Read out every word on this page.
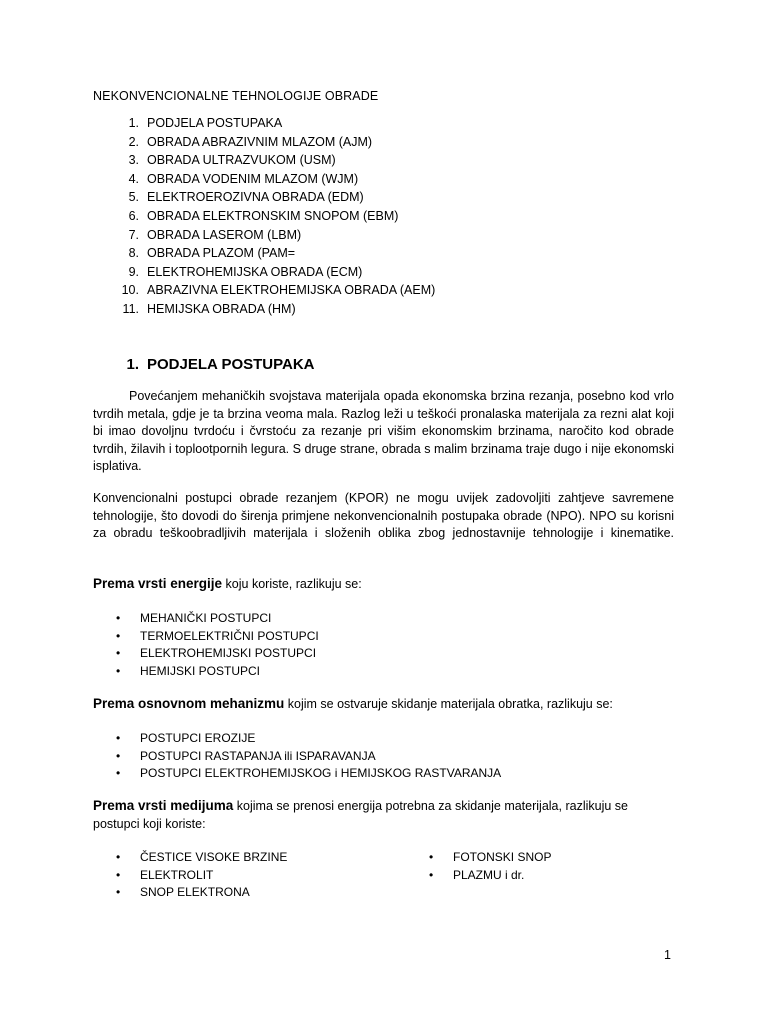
NEKONVENCIONALNE TEHNOLOGIJE OBRADE
1. PODJELA POSTUPAKA
2. OBRADA ABRAZIVNIM MLAZOM (AJM)
3. OBRADA ULTRAZVUKOM (USM)
4. OBRADA VODENIM MLAZOM (WJM)
5. ELEKTROEROZIVNA OBRADA (EDM)
6. OBRADA ELEKTRONSKIM SNOPOM (EBM)
7. OBRADA LASEROM (LBM)
8. OBRADA PLAZOM (PAM=
9. ELEKTROHEMIJSKA OBRADA (ECM)
10. ABRAZIVNA ELEKTROHEMIJSKA OBRADA (AEM)
11. HEMIJSKA OBRADA (HM)
1. PODJELA POSTUPAKA

Povećanjem mehaničkih svojstava materijala opada ekonomska brzina rezanja, posebno kod vrlo tvrdih metala, gdje je ta brzina veoma mala. Razlog leži u teškoći pronalaska materijala za rezni alat koji bi imao dovoljnu tvrdoću i čvrstoću za rezanje pri višim ekonomskim brzinama, naročito kod obrade tvrdih, žilavih i toplootpornih legura. S druge strane, obrada s malim brzinama traje dugo i nije ekonomski isplativa.

Konvencionalni postupci obrade rezanjem (KPOR) ne mogu uvijek zadovoljiti zahtjeve savremene tehnologije, što dovodi do širenja primjene nekonvencionalnih postupaka obrade (NPO). NPO su korisni za obradu teškoobradljivih materijala i složenih oblika zbog jednostavnije tehnologije i kinematike.

Prema vrsti energije koju koriste, razlikuju se:

•	MEHANIČKI POSTUPCI
•	TERMOELEKTRIČNI POSTUPCI
•	ELEKTROHEMIJSKI POSTUPCI
•	HEMIJSKI POSTUPCI

Prema osnovnom mehanizmu kojim se ostvaruje skidanje materijala obratka, razlikuju se:

•	POSTUPCI EROZIJE
•	POSTUPCI RASTAPANJA ili ISPARAVANJA
•	POSTUPCI ELEKTROHEMIJSKOG i HEMIJSKOG RASTVARANJA

Prema vrsti medijuma kojima se prenosi energija potrebna za skidanje materijala, razlikuju se postupci koji koriste:

•	ČESTICE VISOKE BRZINE
•	ELEKTROLIT
•	SNOP ELEKTRONA
•	FOTONSKI SNOP
•	PLAZMU i dr.
1
